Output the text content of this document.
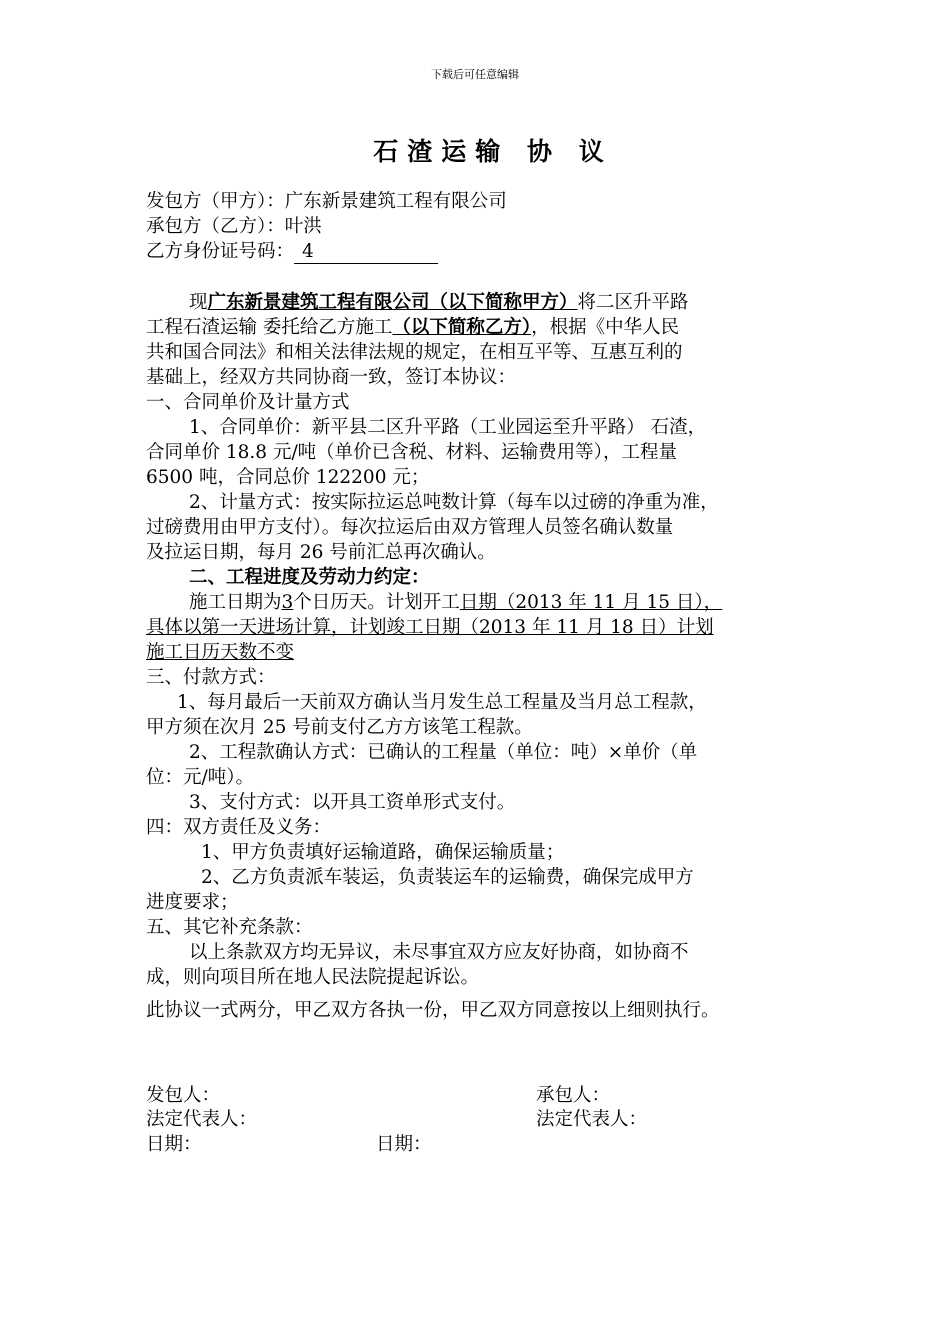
下载后可任意编辑
石渣运输 协 议
发包方（甲方）：广东新景建筑工程有限公司
承包方（乙方）：叶洪
乙方身份证号码： 4
现广东新景建筑工程有限公司（以下简称甲方）将二区升平路
工程石渣运输 委托给乙方施工（以下简称乙方），根据《中华人民
共和国合同法》和相关法律法规的规定，在相互平等、互惠互利的
基础上，经双方共同协商一致，签订本协议：
一、合同单价及计量方式
1、合同单价：新平县二区升平路（工业园运至升平路） 石渣，
合同单价 18.8 元/吨（单价已含税、材料、运输费用等），工程量
6500 吨，合同总价 122200 元；
2、计量方式：按实际拉运总吨数计算（每车以过磅的净重为准，
过磅费用由甲方支付）。每次拉运后由双方管理人员签名确认数量
及拉运日期，每月 26 号前汇总再次确认。
二、工程进度及劳动力约定：
施工日期为3个日历天。计划开工日期（2013 年 11 月 15 日），
具体以第一天进场计算，计划竣工日期（2013 年 11 月 18 日）计划
施工日历天数不变
三、付款方式：
1、每月最后一天前双方确认当月发生总工程量及当月总工程款，
甲方须在次月 25 号前支付乙方方该笔工程款。
2、工程款确认方式：已确认的工程量（单位：吨）×单价（单
位：元/吨）。
3、支付方式：以开具工资单形式支付。
四：双方责任及义务：
1、甲方负责填好运输道路，确保运输质量；
2、乙方负责派车装运，负责装运车的运输费，确保完成甲方
进度要求；
五、其它补充条款：
以上条款双方均无异议，未尽事宜双方应友好协商，如协商不
成，则向项目所在地人民法院提起诉讼。
此协议一式两分，甲乙双方各执一份，甲乙双方同意按以上细则执行。
发包人：	承包人：
法定代表人：	法定代表人：
日期：	日期：
